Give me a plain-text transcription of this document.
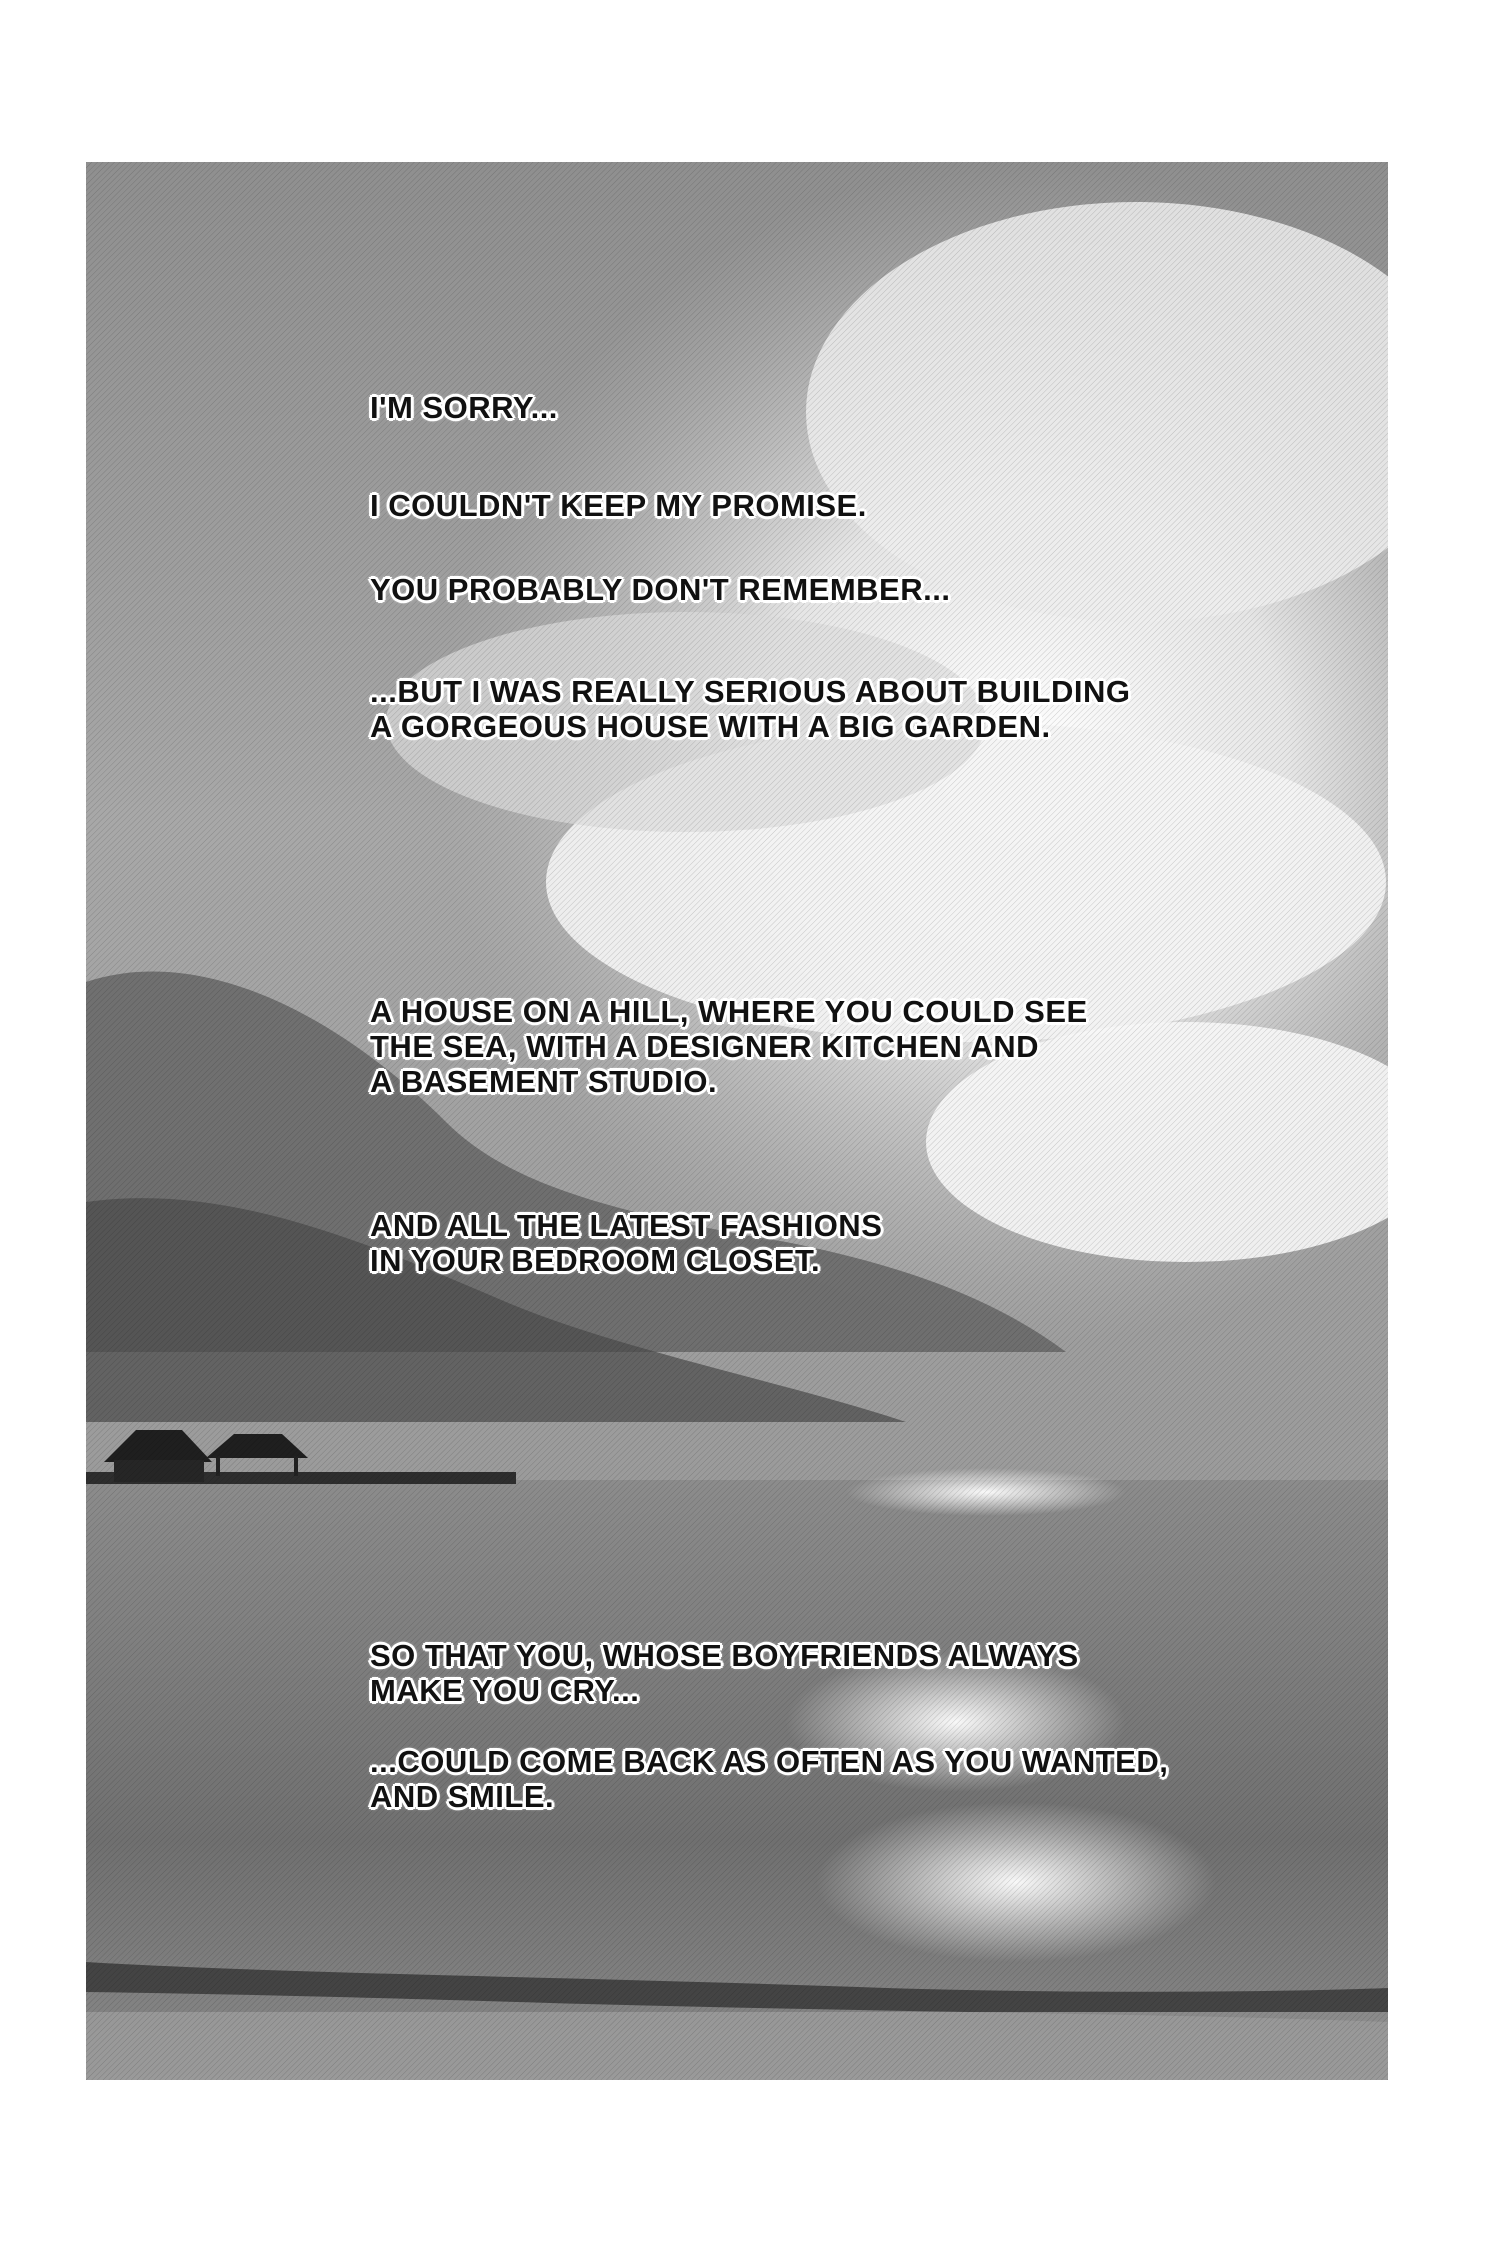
I'M SORRY...
I COULDN'T KEEP MY PROMISE.
YOU PROBABLY DON'T REMEMBER...
...BUT I WAS REALLY SERIOUS ABOUT BUILDING
A GORGEOUS HOUSE WITH A BIG GARDEN.
A HOUSE ON A HILL, WHERE YOU COULD SEE
THE SEA, WITH A DESIGNER KITCHEN AND
A BASEMENT STUDIO.
AND ALL THE LATEST FASHIONS
IN YOUR BEDROOM CLOSET.
SO THAT YOU, WHOSE BOYFRIENDS ALWAYS
MAKE YOU CRY...
...COULD COME BACK AS OFTEN AS YOU WANTED,
AND SMILE.
